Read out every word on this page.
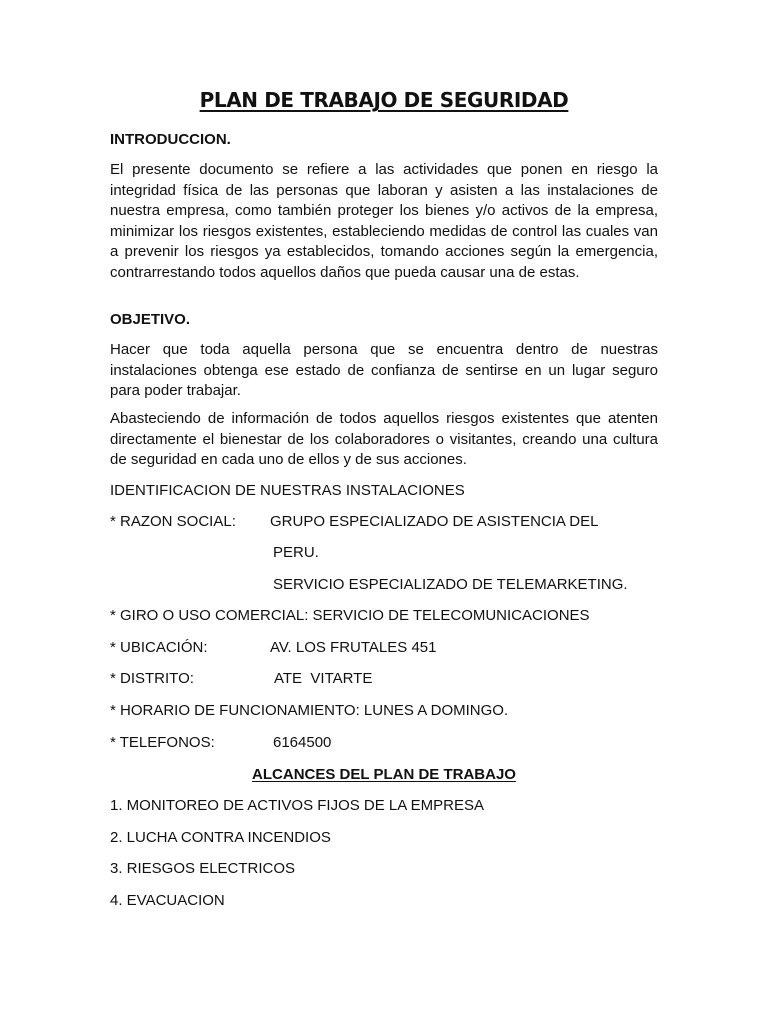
PLAN DE TRABAJO DE SEGURIDAD
INTRODUCCION.
El presente documento se refiere a las actividades que ponen en riesgo la integridad física de las personas que laboran y asisten a las instalaciones de nuestra empresa, como también proteger los bienes y/o activos de la empresa, minimizar los riesgos existentes, estableciendo medidas de control las cuales van a prevenir los riesgos ya establecidos, tomando acciones según la emergencia, contrarrestando todos aquellos daños que pueda causar una de estas.
OBJETIVO.
Hacer que toda aquella persona que se encuentra dentro de nuestras instalaciones obtenga ese estado de confianza de sentirse en un lugar seguro para poder trabajar.
Abasteciendo de información de todos aquellos riesgos existentes que atenten directamente el bienestar de los colaboradores o visitantes, creando una cultura de seguridad en cada uno de ellos y de sus acciones.
IDENTIFICACION DE NUESTRAS INSTALACIONES
* RAZON SOCIAL: GRUPO ESPECIALIZADO DE ASISTENCIA DEL
PERU.
SERVICIO ESPECIALIZADO DE TELEMARKETING.
* GIRO O USO COMERCIAL: SERVICIO DE TELECOMUNICACIONES
* UBICACIÓN:	AV. LOS FRUTALES 451
* DISTRITO:	ATE  VITARTE
* HORARIO DE FUNCIONAMIENTO: LUNES A DOMINGO.
* TELEFONOS:	6164500
ALCANCES DEL PLAN DE TRABAJO
1. MONITOREO DE ACTIVOS FIJOS DE LA EMPRESA
2. LUCHA CONTRA INCENDIOS
3. RIESGOS ELECTRICOS
4. EVACUACION
